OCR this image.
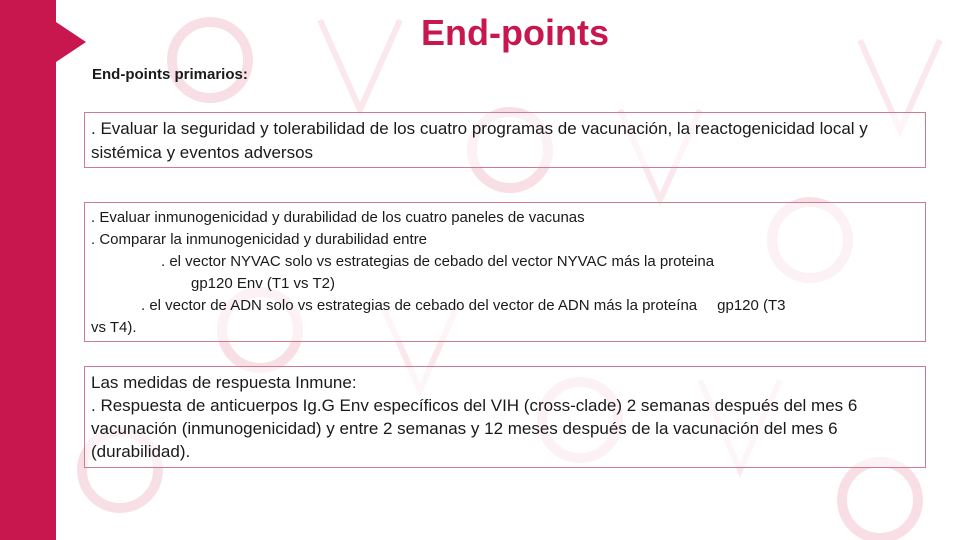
End-points
End-points primarios:
. Evaluar la seguridad y tolerabilidad de los cuatro programas de vacunación, la reactogenicidad local y sistémica y eventos adversos
. Evaluar inmunogenicidad y durabilidad de los cuatro paneles de vacunas
. Comparar la inmunogenicidad y durabilidad entre
. el vector NYVAC solo vs estrategias de cebado del vector NYVAC más la proteina
gp120 Env (T1 vs T2)
. el vector de ADN solo vs estrategias de cebado del vector de ADN más la proteína gp120 (T3
vs T4).
Las medidas de respuesta Inmune:
. Respuesta de anticuerpos Ig.G Env específicos del VIH (cross-clade) 2 semanas después del mes 6 vacunación (inmunogenicidad) y entre 2 semanas y 12 meses después de la vacunación del mes 6 (durabilidad).
